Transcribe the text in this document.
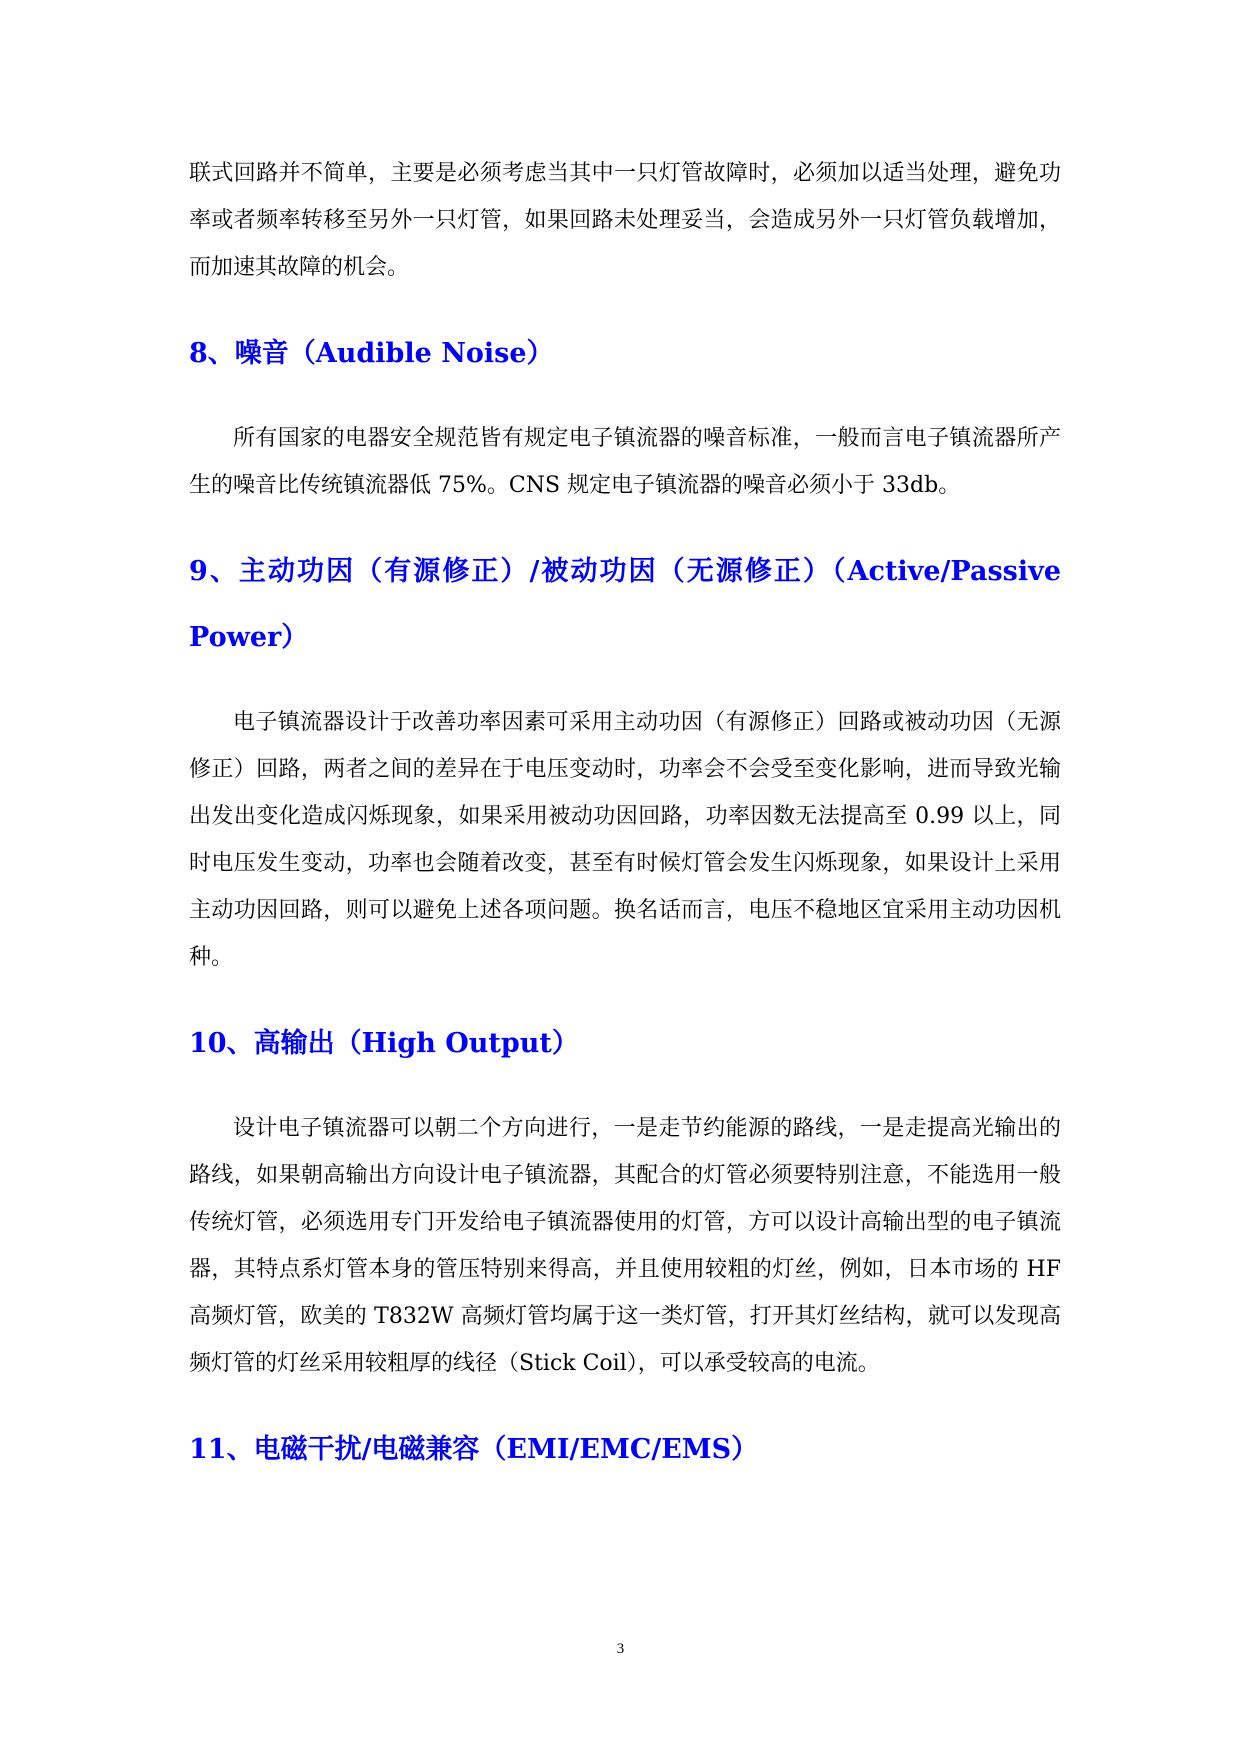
联式回路并不简单，主要是必须考虑当其中一只灯管故障时，必须加以适当处理，避免功率或者频率转移至另外一只灯管，如果回路未处理妥当，会造成另外一只灯管负载增加，而加速其故障的机会。

8、噪音（Audible Noise）

所有国家的电器安全规范皆有规定电子镇流器的噪音标准，一般而言电子镇流器所产生的噪音比传统镇流器低 75%。CNS 规定电子镇流器的噪音必须小于 33db。

9、主动功因（有源修正）/被动功因（无源修正）（Active/Passive Power）

电子镇流器设计于改善功率因素可采用主动功因（有源修正）回路或被动功因（无源修正）回路，两者之间的差异在于电压变动时，功率会不会受至变化影响，进而导致光输出发出变化造成闪烁现象，如果采用被动功因回路，功率因数无法提高至 0.99 以上，同时电压发生变动，功率也会随着改变，甚至有时候灯管会发生闪烁现象，如果设计上采用主动功因回路，则可以避免上述各项问题。换名话而言，电压不稳地区宜采用主动功因机种。

10、高输出（High Output）

设计电子镇流器可以朝二个方向进行，一是走节约能源的路线，一是走提高光输出的路线，如果朝高输出方向设计电子镇流器，其配合的灯管必须要特别注意，不能选用一般传统灯管，必须选用专门开发给电子镇流器使用的灯管，方可以设计高输出型的电子镇流器，其特点系灯管本身的管压特别来得高，并且使用较粗的灯丝，例如，日本市场的 HF 高频灯管，欧美的 T832W 高频灯管均属于这一类灯管，打开其灯丝结构，就可以发现高频灯管的灯丝采用较粗厚的线径（Stick Coil），可以承受较高的电流。

11、电磁干扰/电磁兼容（EMI/EMC/EMS）
3
